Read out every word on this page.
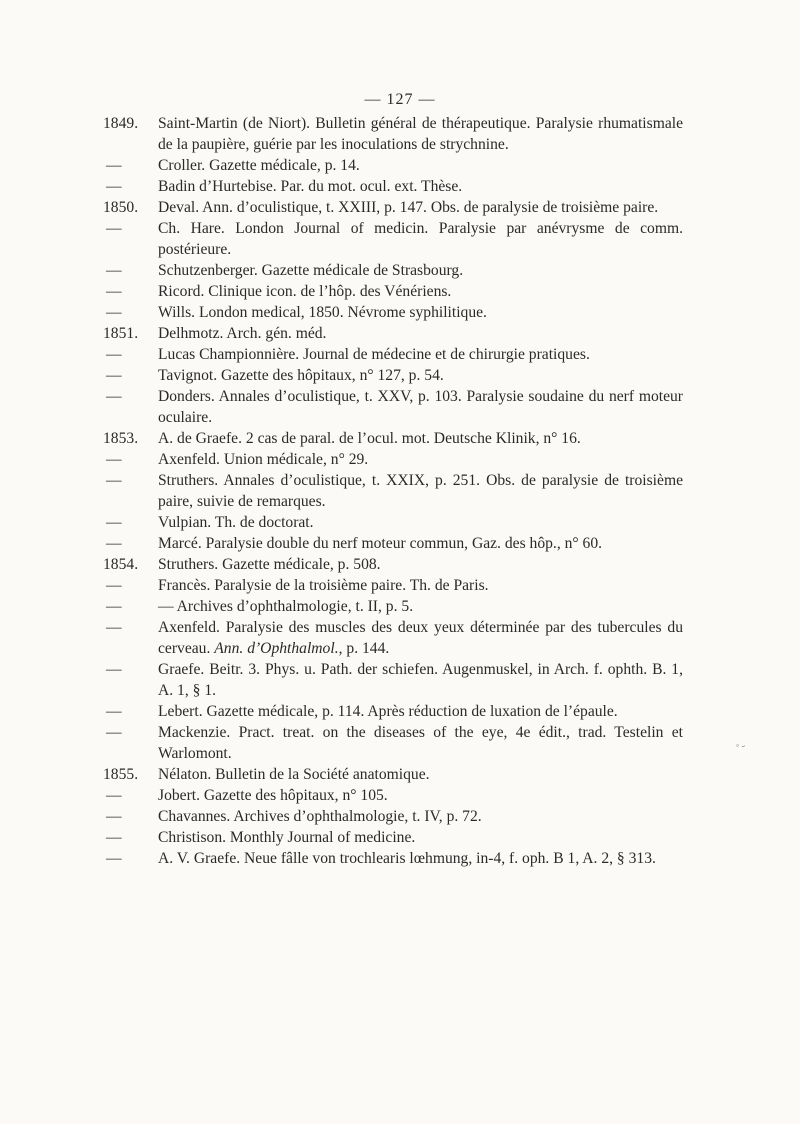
— 127 —
1849.	Saint-Martin (de Niort). Bulletin général de thérapeutique. Paralysie rhumatismale de la paupière, guérie par les inoculations de strychnine.
—	Croller. Gazette médicale, p. 14.
—	Badin d’Hurtebise. Par. du mot. ocul. ext. Thèse.
1850.	Deval. Ann. d’oculistique, t. XXIII, p. 147. Obs. de paralysie de troisième paire.
—	Ch. Hare. London Journal of medicin. Paralysie par anévrysme de comm. postérieure.
—	Schutzenberger. Gazette médicale de Strasbourg.
—	Ricord. Clinique icon. de l’hôp. des Vénériens.
—	Wills. London medical, 1850. Névrome syphilitique.
1851.	Delhmotz. Arch. gén. méd.
—	Lucas Championnière. Journal de médecine et de chirurgie pratiques.
—	Tavignot. Gazette des hôpitaux, n° 127, p. 54.
—	Donders. Annales d’oculistique, t. XXV, p. 103. Paralysie soudaine du nerf moteur oculaire.
1853.	A. de Graefe. 2 cas de paral. de l’ocul. mot. Deutsche Klinik, n° 16.
—	Axenfeld. Union médicale, n° 29.
—	Struthers. Annales d’oculistique, t. XXIX, p. 251. Obs. de paralysie de troisième paire, suivie de remarques.
—	Vulpian. Th. de doctorat.
—	Marcé. Paralysie double du nerf moteur commun, Gaz. des hôp., n° 60.
1854.	Struthers. Gazette médicale, p. 508.
—	Francès. Paralysie de la troisième paire. Th. de Paris.
—	— Archives d’ophthalmologie, t. II, p. 5.
—	Axenfeld. Paralysie des muscles des deux yeux déterminée par des tubercules du cerveau. Ann. d’Ophthalmol., p. 144.
—	Graefe. Beitr. 3. Phys. u. Path. der schiefen. Augenmuskel, in Arch. f. ophth. B. 1, A. 1, § 1.
—	Lebert. Gazette médicale, p. 114. Après réduction de luxation de l’épaule.
—	Mackenzie. Pract. treat. on the diseases of the eye, 4e édit., trad. Testelin et Warlomont.
1855.	Nélaton. Bulletin de la Société anatomique.
—	Jobert. Gazette des hôpitaux, n° 105.
—	Chavannes. Archives d’ophthalmologie, t. IV, p. 72.
—	Christison. Monthly Journal of medicine.
—	A. V. Graefe. Neue fâlle von trochlearis lœhmung, in-4, f. oph. B 1, A. 2, § 313.
ﾟ ᷄
